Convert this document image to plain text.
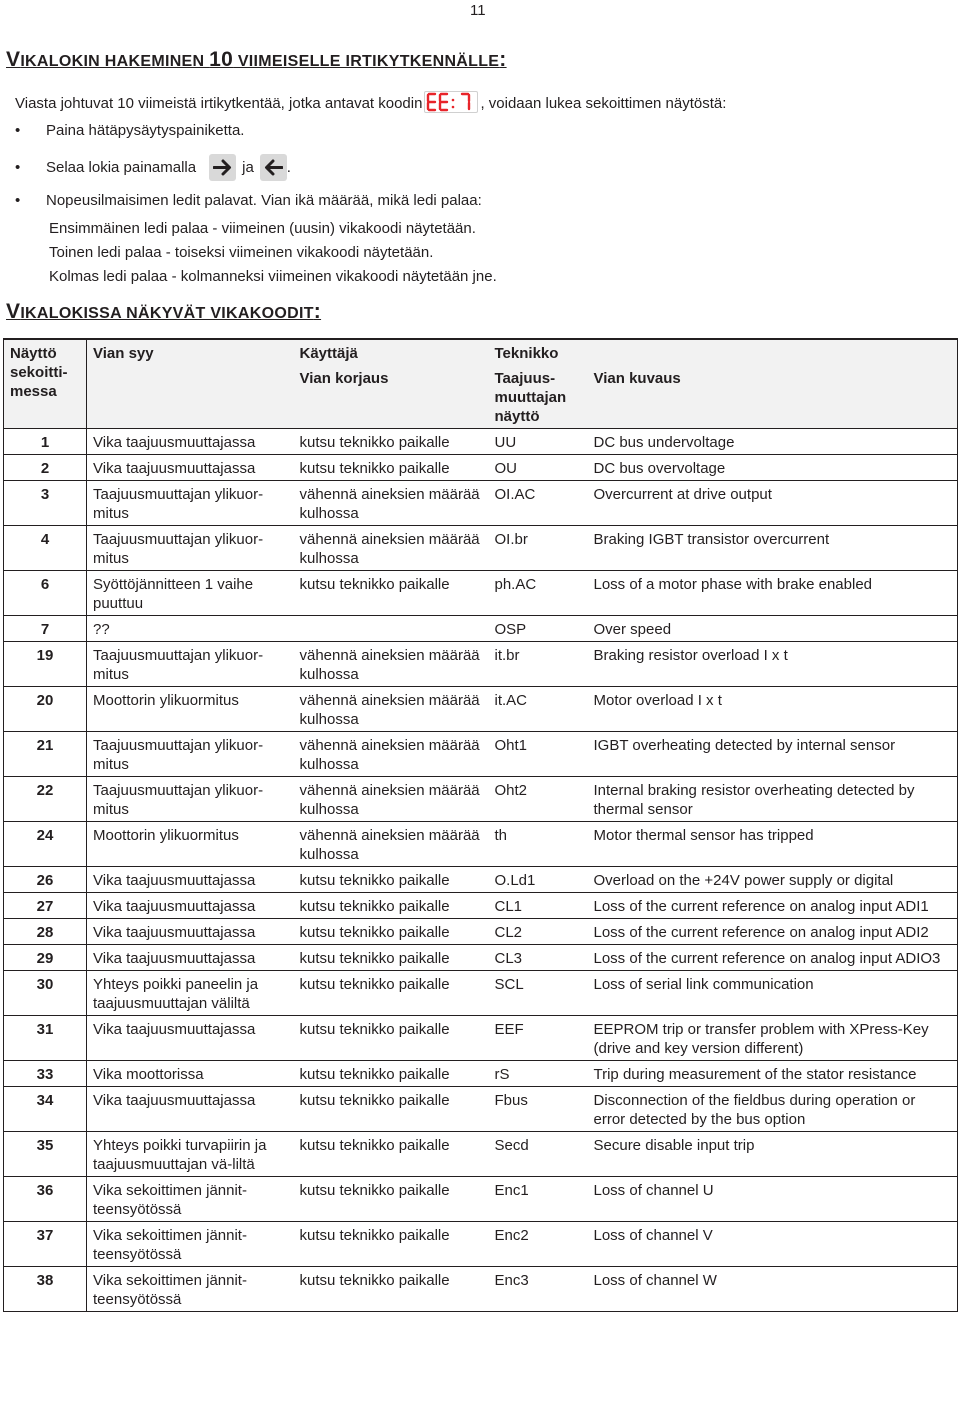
11
VIKALOKIN HAKEMINEN 10 VIIMEISELLE IRTIKYTKENNÄLLE:
Viasta johtuvat 10 viimeistä irtikytkentää, jotka antavat koodin	, voidaan lukea sekoittimen näytöstä:
• Paina hätäpysäytyspainiketta.
•	Selaa lokia painamalla	ja .
• Nopeusilmaisimen ledit palavat. Vian ikä määrää, mikä ledi palaa:
Ensimmäinen ledi palaa - viimeinen (uusin) vikakoodi näytetään.
Toinen ledi palaa - toiseksi viimeinen vikakoodi näytetään.
Kolmas ledi palaa - kolmanneksi viimeinen vikakoodi näytetään jne.
VIKALOKISSA NÄKYVÄT VIKAKOODIT:
Näyttö sekoitti-messa	Vian syy	Käyttäjä	Teknikko	
		Vian korjaus	Taajuus-muuttajan näyttö	Vian kuvaus
1	Vika taajuusmuuttajassa	kutsu teknikko paikalle	UU	DC bus undervoltage
2	Vika taajuusmuuttajassa	kutsu teknikko paikalle	OU	DC bus overvoltage
3	Taajuusmuuttajan ylikuor-mitus	vähennä aineksien määrää kulhossa	OI.AC	Overcurrent at drive output
4	Taajuusmuuttajan ylikuor-mitus	vähennä aineksien määrää kulhossa	OI.br	Braking IGBT transistor overcurrent
6	Syöttöjännitteen 1 vaihe puuttuu	kutsu teknikko paikalle	ph.AC	Loss of a motor phase with brake enabled
7	??		OSP	Over speed
19	Taajuusmuuttajan ylikuor-mitus	vähennä aineksien määrää kulhossa	it.br	Braking resistor overload I x t
20	Moottorin ylikuormitus	vähennä aineksien määrää kulhossa	it.AC	Motor overload I x t
21	Taajuusmuuttajan ylikuor-mitus	vähennä aineksien määrää kulhossa	Oht1	IGBT overheating detected by internal sensor
22	Taajuusmuuttajan ylikuor-mitus	vähennä aineksien määrää kulhossa	Oht2	Internal braking resistor overheating detected by thermal sensor
24	Moottorin ylikuormitus	vähennä aineksien määrää kulhossa	th	Motor thermal sensor has tripped
26	Vika taajuusmuuttajassa	kutsu teknikko paikalle	O.Ld1	Overload on the +24V power supply or digital
27	Vika taajuusmuuttajassa	kutsu teknikko paikalle	CL1	Loss of the current reference on analog input ADI1
28	Vika taajuusmuuttajassa	kutsu teknikko paikalle	CL2	Loss of the current reference on analog input ADI2
29	Vika taajuusmuuttajassa	kutsu teknikko paikalle	CL3	Loss of the current reference on analog input ADIO3
30	Yhteys poikki paneelin ja taajuusmuuttajan väliltä	kutsu teknikko paikalle	SCL	Loss of serial link communication
31	Vika taajuusmuuttajassa	kutsu teknikko paikalle	EEF	EEPROM trip or transfer problem with XPress-Key (drive and key version different)
33	Vika moottorissa	kutsu teknikko paikalle	rS	Trip during measurement of the stator resistance
34	Vika taajuusmuuttajassa	kutsu teknikko paikalle	Fbus	Disconnection of the fieldbus during operation or error detected by the bus option
35	Yhteys poikki turvapiirin ja taajuusmuuttajan vä-liltä	kutsu teknikko paikalle	Secd	Secure disable input trip
36	Vika sekoittimen jännit-teensyötössä	kutsu teknikko paikalle	Enc1	Loss of channel U
37	Vika sekoittimen jännit-teensyötössä	kutsu teknikko paikalle	Enc2	Loss of channel V
38	Vika sekoittimen jännit-teensyötössä	kutsu teknikko paikalle	Enc3	Loss of channel W
